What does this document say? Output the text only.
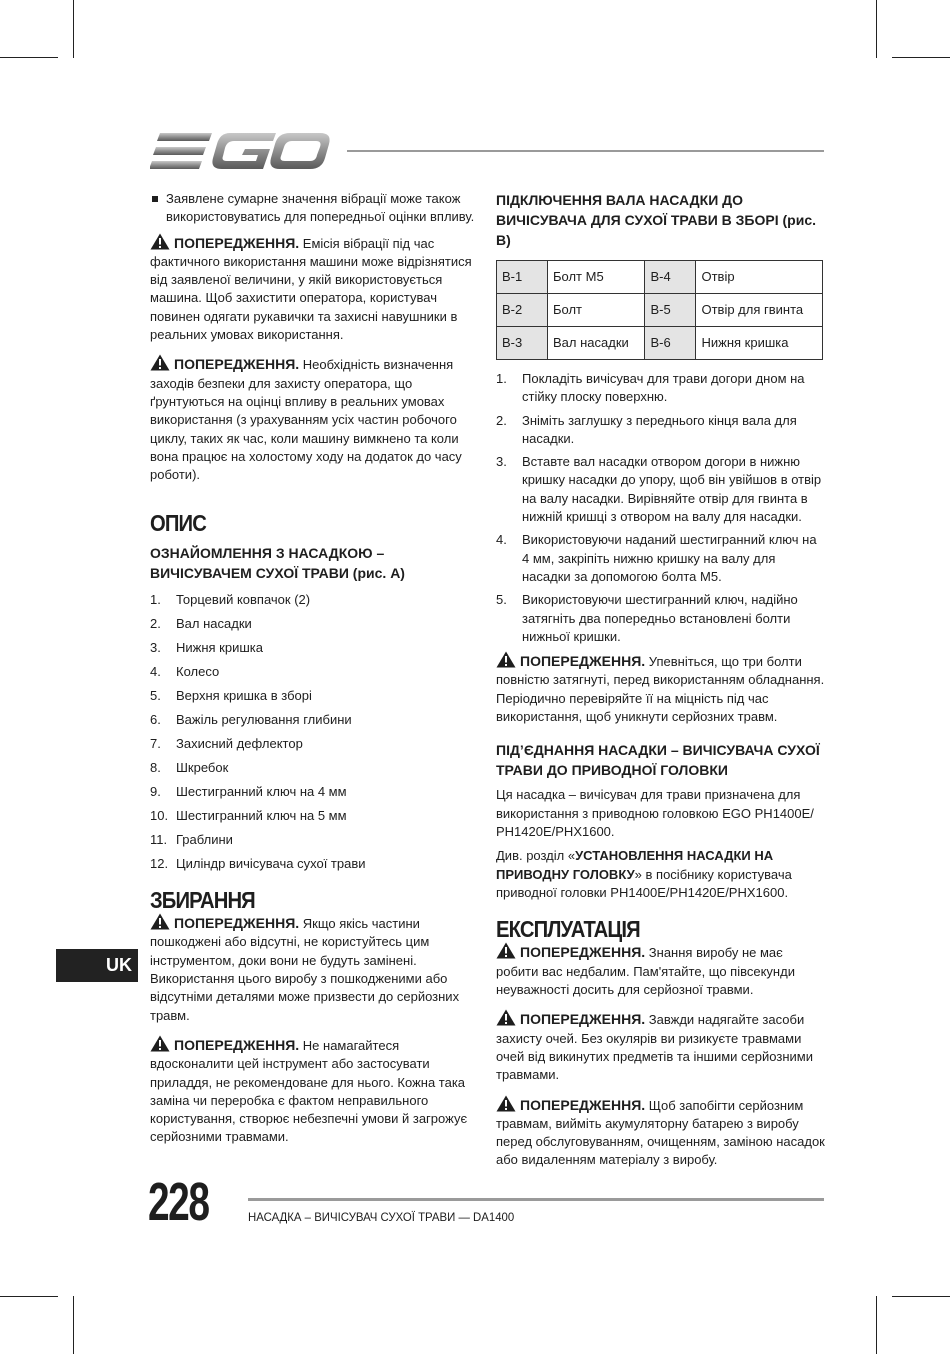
Заявлене сумарне значення вібрації може також використовуватись для попередньої оцінки впливу.

ПОПЕРЕДЖЕННЯ. Емісія вібрації під час фактичного використання машини може відрізнятися від заявленої величини, у якій використовується машина. Щоб захистити оператора, користувач повинен одягати рукавички та захисні навушники в реальних умовах використання.

ПОПЕРЕДЖЕННЯ. Необхідність визначення заходів безпеки для захисту оператора, що ґрунтуються на оцінці впливу в реальних умовах використання (з урахуванням усіх частин робочого циклу, таких як час, коли машину вимкнено та коли вона працює на холостому ходу на додаток до часу роботи).

ОПИС
ОЗНАЙОМЛЕННЯ З НАСАДКОЮ – ВИЧІСУВАЧЕМ СУХОЇ ТРАВИ (рис. A)
1. Торцевий ковпачок (2)
2. Вал насадки
3. Нижня кришка
4. Колесо
5. Верхня кришка в зборі
6. Важіль регулювання глибини
7. Захисний дефлектор
8. Шкребок
9. Шестигранний ключ на 4 мм
10. Шестигранний ключ на 5 мм
11. Граблини
12. Циліндр вичісувача сухої трави
ЗБИРАННЯ

ПОПЕРЕДЖЕННЯ. Якщо якісь частини пошкоджені або відсутні, не користуйтесь цим інструментом, доки вони не будуть замінені. Використання цього виробу з пошкодженими або відсутніми деталями може призвести до серйозних травм.

ПОПЕРЕДЖЕННЯ. Не намагайтеся вдосконалити цей інструмент або застосувати приладдя, не рекомендоване для нього. Кожна така заміна чи переробка є фактом неправильного користування, створює небезпечні умови й загрожує серйозними травмами.

ПІДКЛЮЧЕННЯ ВАЛА НАСАДКИ ДО ВИЧІСУВАЧА ДЛЯ СУХОЇ ТРАВИ В ЗБОРІ (рис. B)
B-1	Болт M5	B-4	Отвір
B-2	Болт	B-5	Отвір для гвинта
B-3	Вал насадки	B-6	Нижня кришка
1. Покладіть вичісувач для трави догори дном на стійку плоску поверхню.
2. Зніміть заглушку з переднього кінця вала для насадки.
3. Вставте вал насадки отвором догори в нижню кришку насадки до упору, щоб він увійшов в отвір на валу насадки. Вирівняйте отвір для гвинта в нижній кришці з отвором на валу для насадки.
4. Використовуючи наданий шестигранний ключ на 4 мм, закріпіть нижню кришку на валу для насадки за допомогою болта M5.
5. Використовуючи шестигранний ключ, надійно затягніть два попередньо встановлені болти нижньої кришки.

ПОПЕРЕДЖЕННЯ. Упевніться, що три болти повністю затягнуті, перед використанням обладнання. Періодично перевіряйте її на міцність під час використання, щоб уникнути серйозних травм.

ПІД’ЄДНАННЯ НАСАДКИ – ВИЧІСУВАЧА СУХОЇ ТРАВИ ДО ПРИВОДНОЇ ГОЛОВКИ

Ця насадка – вичісувач для трави призначена для використання з приводною головкою EGO PH1400E/ PH1420E/PHX1600.

Див. розділ «УСТАНОВЛЕННЯ НАСАДКИ НА ПРИВОДНУ ГОЛОВКУ» в посібнику користувача приводної головки PH1400E/PH1420E/PHX1600.

ЕКСПЛУАТАЦІЯ

ПОПЕРЕДЖЕННЯ. Знання виробу не має робити вас недбалим. Пам'ятайте, що півсекунди неуважності досить для серйозної травми.

ПОПЕРЕДЖЕННЯ. Завжди надягайте засоби захисту очей. Без окулярів ви ризикуєте травмами очей від викинутих предметів та іншими серйозними травмами.

ПОПЕРЕДЖЕННЯ. Щоб запобігти серйозним травмам, вийміть акумуляторну батарею з виробу перед обслуговуванням, очищенням, заміною насадок або видаленням матеріалу з виробу.

UK
228	НАСАДКА – ВИЧІСУВАЧ СУХОЇ ТРАВИ — DA1400
